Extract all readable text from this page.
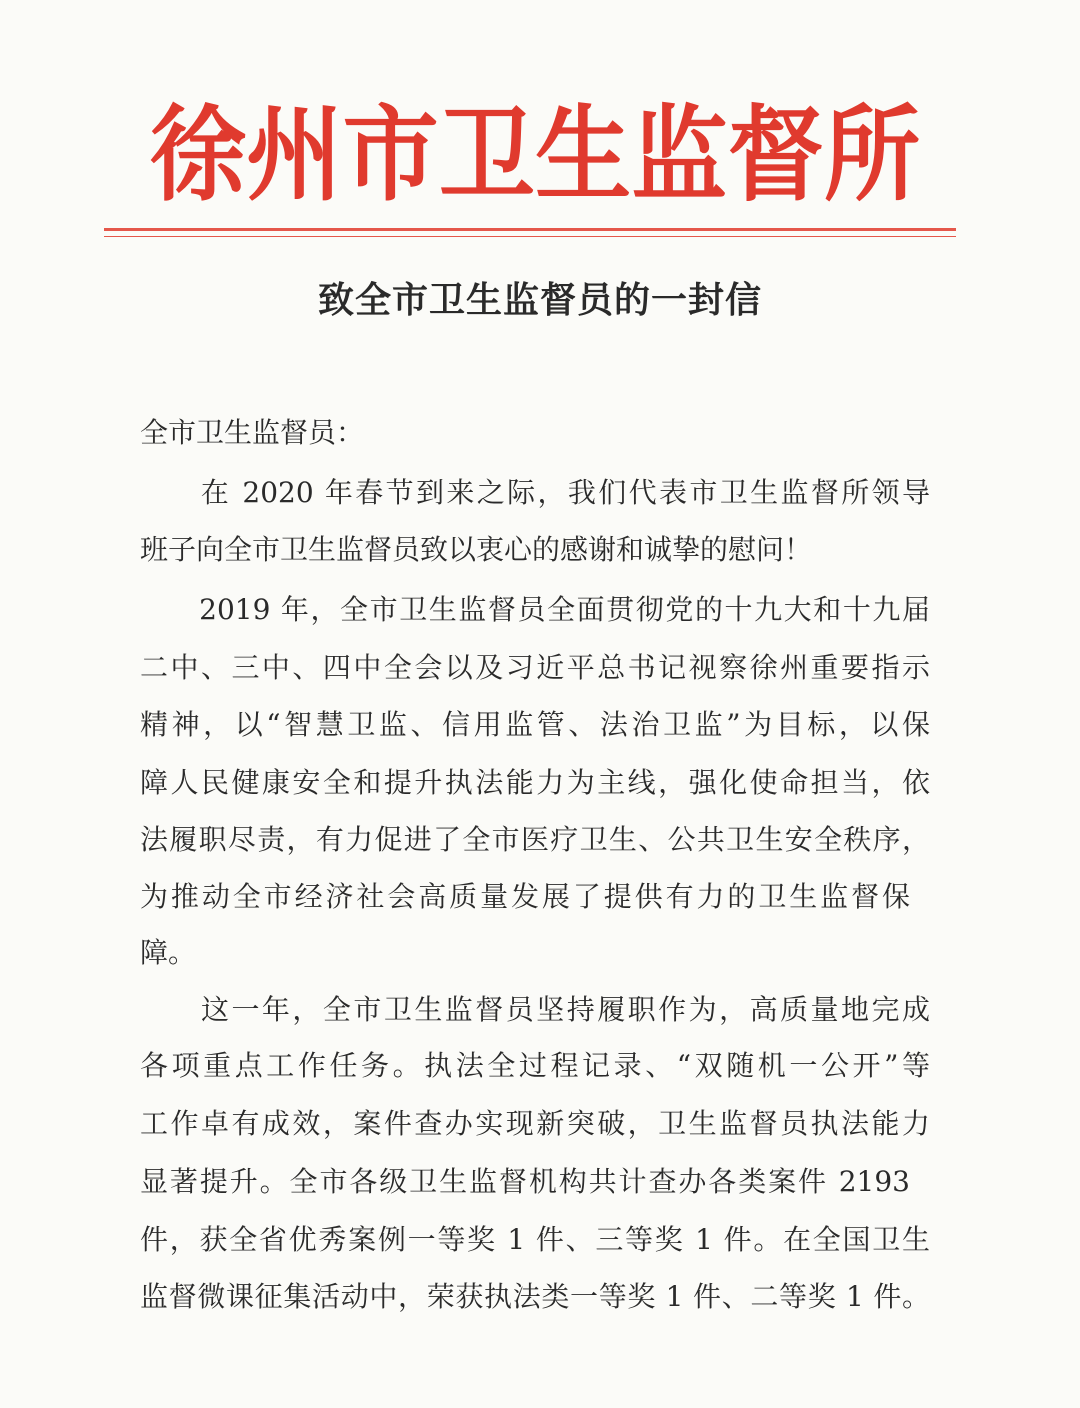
徐州市卫生监督所
致全市卫生监督员的一封信
全市卫生监督员：
　　在 2020 年春节到来之际，我们代表市卫生监督所领导
班子向全市卫生监督员致以衷心的感谢和诚挚的慰问！
　　2019 年，全市卫生监督员全面贯彻党的十九大和十九届
二中、三中、四中全会以及习近平总书记视察徐州重要指示
精神，以“智慧卫监、信用监管、法治卫监”为目标，以保
障人民健康安全和提升执法能力为主线，强化使命担当，依
法履职尽责，有力促进了全市医疗卫生、公共卫生安全秩序，
为推动全市经济社会高质量发展了提供有力的卫生监督保
障。
　　这一年，全市卫生监督员坚持履职作为，高质量地完成
各项重点工作任务。执法全过程记录、“双随机一公开”等
工作卓有成效，案件查办实现新突破，卫生监督员执法能力
显著提升。全市各级卫生监督机构共计查办各类案件 2193
件，获全省优秀案例一等奖 1 件、三等奖 1 件。在全国卫生
监督微课征集活动中，荣获执法类一等奖 1 件、二等奖 1 件。
